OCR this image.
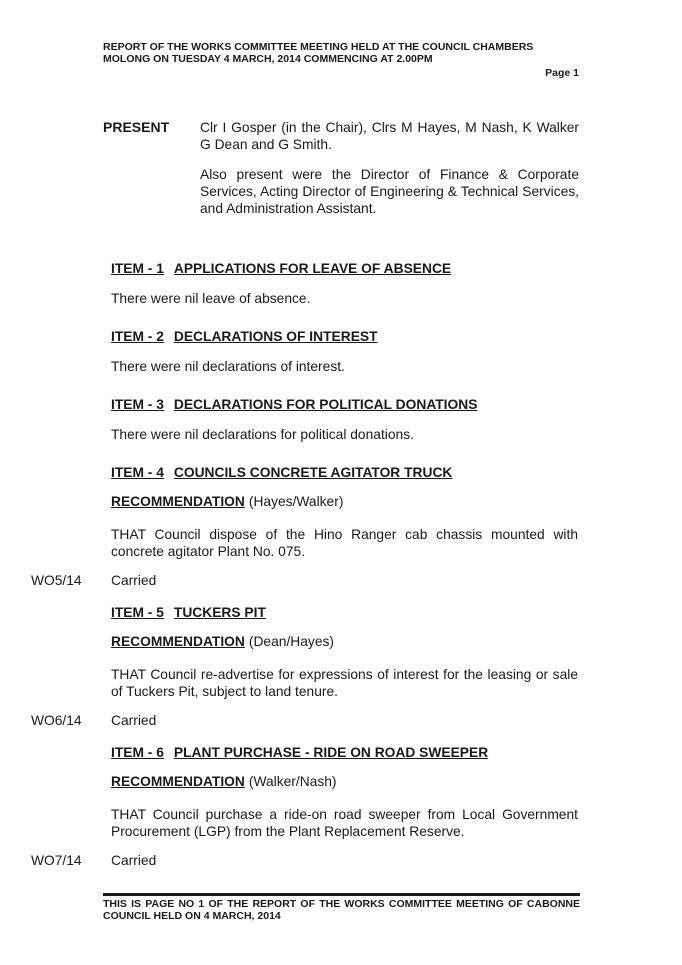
REPORT OF THE WORKS COMMITTEE MEETING HELD AT THE COUNCIL CHAMBERS
MOLONG ON TUESDAY 4 MARCH, 2014 COMMENCING AT 2.00PM
Page 1
PRESENT Clr I Gosper (in the Chair), Clrs M Hayes, M Nash, K Walker G Dean and G Smith.
Also present were the Director of Finance & Corporate Services, Acting Director of Engineering & Technical Services, and Administration Assistant.
ITEM - 1 APPLICATIONS FOR LEAVE OF ABSENCE
There were nil leave of absence.
ITEM - 2 DECLARATIONS OF INTEREST
There were nil declarations of interest.
ITEM - 3 DECLARATIONS FOR POLITICAL DONATIONS
There were nil declarations for political donations.
ITEM - 4 COUNCILS CONCRETE AGITATOR TRUCK
RECOMMENDATION (Hayes/Walker)
THAT Council dispose of the Hino Ranger cab chassis mounted with concrete agitator Plant No. 075.
WO5/14 Carried
ITEM - 5 TUCKERS PIT
RECOMMENDATION (Dean/Hayes)
THAT Council re-advertise for expressions of interest for the leasing or sale of Tuckers Pit, subject to land tenure.
WO6/14 Carried
ITEM - 6 PLANT PURCHASE - RIDE ON ROAD SWEEPER
RECOMMENDATION (Walker/Nash)
THAT Council purchase a ride-on road sweeper from Local Government Procurement (LGP) from the Plant Replacement Reserve.
WO7/14 Carried
THIS IS PAGE NO 1 OF THE REPORT OF THE WORKS COMMITTEE MEETING OF CABONNE COUNCIL HELD ON 4 MARCH, 2014
